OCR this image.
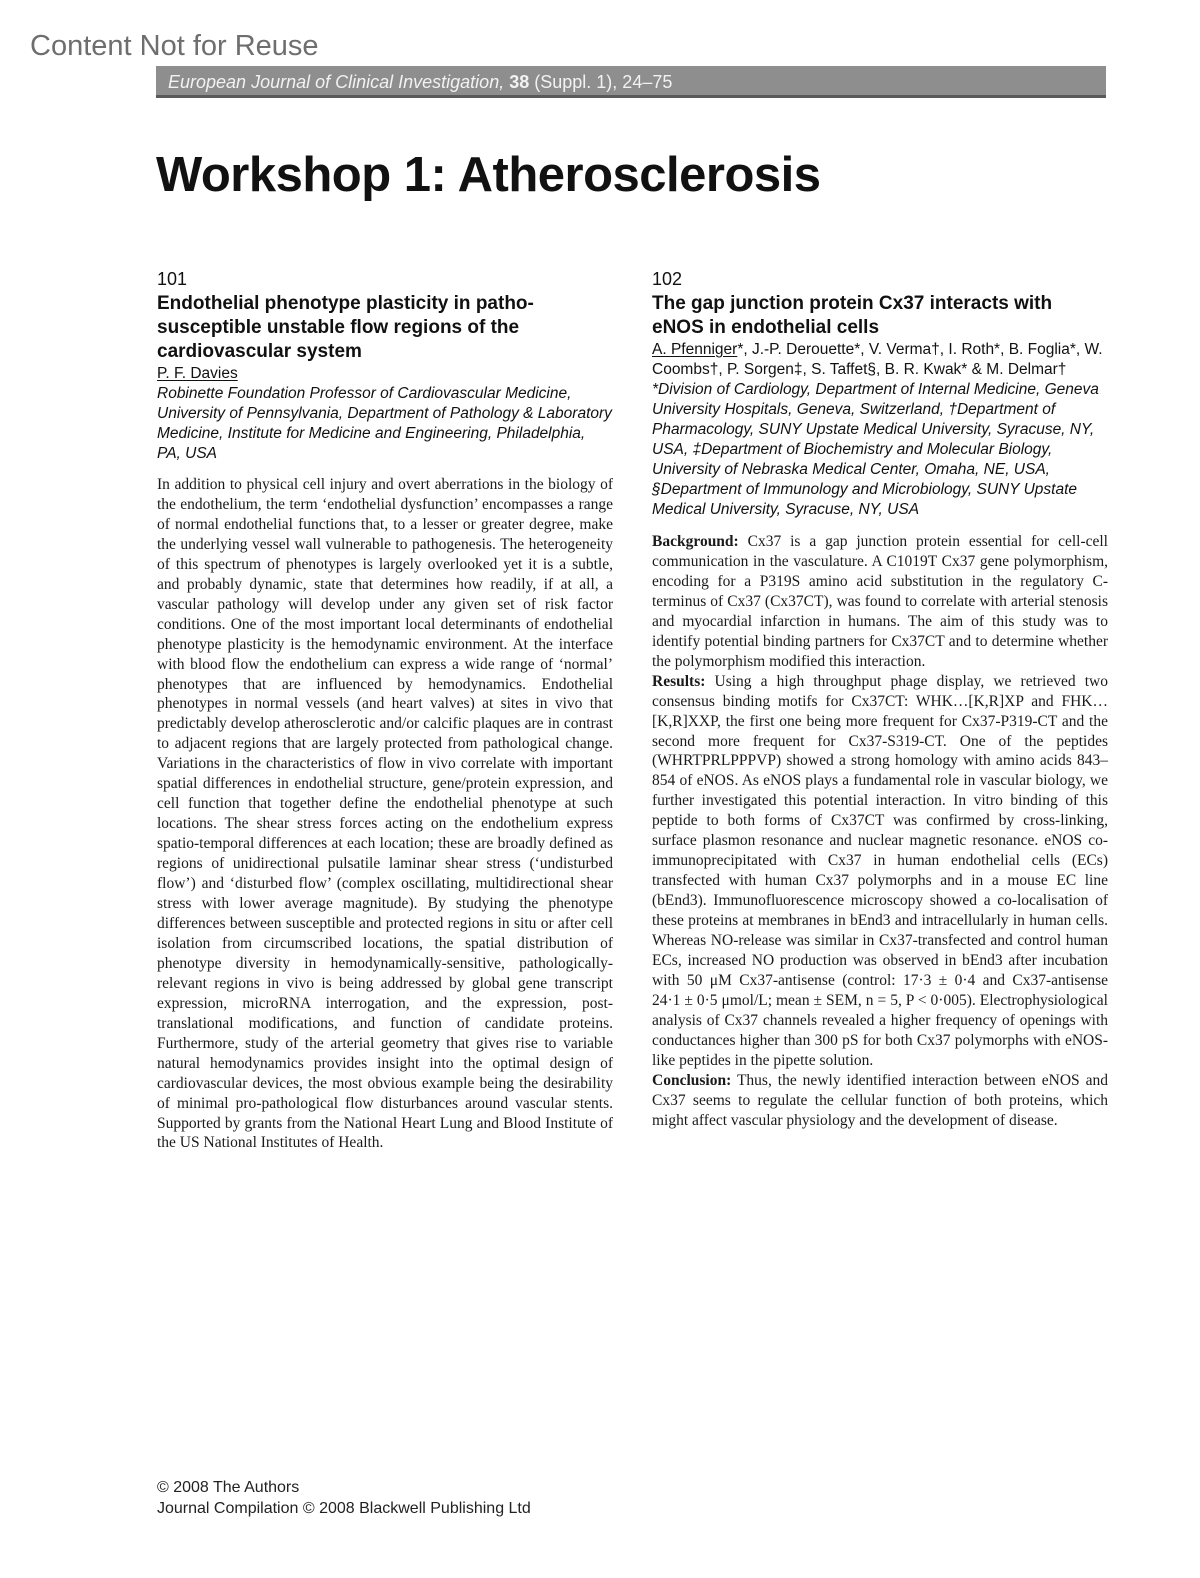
Content Not for Reuse
European Journal of Clinical Investigation, 38 (Suppl. 1), 24–75
Workshop 1: Atherosclerosis
101
Endothelial phenotype plasticity in patho-susceptible unstable flow regions of the cardiovascular system
P. F. Davies
Robinette Foundation Professor of Cardiovascular Medicine, University of Pennsylvania, Department of Pathology & Laboratory Medicine, Institute for Medicine and Engineering, Philadelphia, PA, USA

In addition to physical cell injury and overt aberrations in the biology of the endothelium, the term ‘endothelial dysfunction’ encompasses a range of normal endothelial functions that, to a lesser or greater degree, make the underlying vessel wall vulnerable to pathogenesis. The heterogeneity of this spectrum of phenotypes is largely overlooked yet it is a subtle, and probably dynamic, state that determines how readily, if at all, a vascular pathology will develop under any given set of risk factor conditions. One of the most important local determinants of endothelial phenotype plasticity is the hemodynamic environment. At the interface with blood flow the endothelium can express a wide range of ‘normal’ phenotypes that are influenced by hemodynamics. Endothelial phenotypes in normal vessels (and heart valves) at sites in vivo that predictably develop atherosclerotic and/or calcific plaques are in contrast to adjacent regions that are largely protected from pathological change. Variations in the characteristics of flow in vivo correlate with important spatial differences in endothelial structure, gene/protein expression, and cell function that together define the endothelial phenotype at such locations. The shear stress forces acting on the endothelium express spatio-temporal differences at each location; these are broadly defined as regions of unidirectional pulsatile laminar shear stress (‘undisturbed flow’) and ‘disturbed flow’ (complex oscillating, multidirectional shear stress with lower average magnitude). By studying the phenotype differences between susceptible and protected regions in situ or after cell isolation from circumscribed locations, the spatial distribution of phenotype diversity in hemodynamically-sensitive, pathologically-relevant regions in vivo is being addressed by global gene transcript expression, microRNA interrogation, and the expression, post-translational modifications, and function of candidate proteins. Furthermore, study of the arterial geometry that gives rise to variable natural hemodynamics provides insight into the optimal design of cardiovascular devices, the most obvious example being the desirability of minimal pro-pathological flow disturbances around vascular stents. Supported by grants from the National Heart Lung and Blood Institute of the US National Institutes of Health.

102
The gap junction protein Cx37 interacts with eNOS in endothelial cells
A. Pfenniger*, J.-P. Derouette*, V. Verma†, I. Roth*, B. Foglia*, W. Coombs†, P. Sorgen‡, S. Taffet§, B. R. Kwak* & M. Delmar†
*Division of Cardiology, Department of Internal Medicine, Geneva University Hospitals, Geneva, Switzerland, †Department of Pharmacology, SUNY Upstate Medical University, Syracuse, NY, USA, ‡Department of Biochemistry and Molecular Biology, University of Nebraska Medical Center, Omaha, NE, USA, §Department of Immunology and Microbiology, SUNY Upstate Medical University, Syracuse, NY, USA

Background: Cx37 is a gap junction protein essential for cell-cell communication in the vasculature. A C1019T Cx37 gene polymorphism, encoding for a P319S amino acid substitution in the regulatory C-terminus of Cx37 (Cx37CT), was found to correlate with arterial stenosis and myocardial infarction in humans. The aim of this study was to identify potential binding partners for Cx37CT and to determine whether the polymorphism modified this interaction.

Results: Using a high throughput phage display, we retrieved two consensus binding motifs for Cx37CT: WHK…[K,R]XP and FHK…[K,R]XXP, the first one being more frequent for Cx37-P319-CT and the second more frequent for Cx37-S319-CT. One of the peptides (WHRTPRLPPPVP) showed a strong homology with amino acids 843–854 of eNOS. As eNOS plays a fundamental role in vascular biology, we further investigated this potential interaction. In vitro binding of this peptide to both forms of Cx37CT was confirmed by cross-linking, surface plasmon resonance and nuclear magnetic resonance. eNOS co-immunoprecipitated with Cx37 in human endothelial cells (ECs) transfected with human Cx37 polymorphs and in a mouse EC line (bEnd3). Immunofluorescence microscopy showed a co-localisation of these proteins at membranes in bEnd3 and intracellularly in human cells. Whereas NO-release was similar in Cx37-transfected and control human ECs, increased NO production was observed in bEnd3 after incubation with 50 μM Cx37-antisense (control: 17·3 ± 0·4 and Cx37-antisense 24·1 ± 0·5 μmol/L; mean ± SEM, n = 5, P < 0·005). Electrophysiological analysis of Cx37 channels revealed a higher frequency of openings with conductances higher than 300 pS for both Cx37 polymorphs with eNOS-like peptides in the pipette solution.

Conclusion: Thus, the newly identified interaction between eNOS and Cx37 seems to regulate the cellular function of both proteins, which might affect vascular physiology and the development of disease.

© 2008 The Authors
Journal Compilation © 2008 Blackwell Publishing Ltd
